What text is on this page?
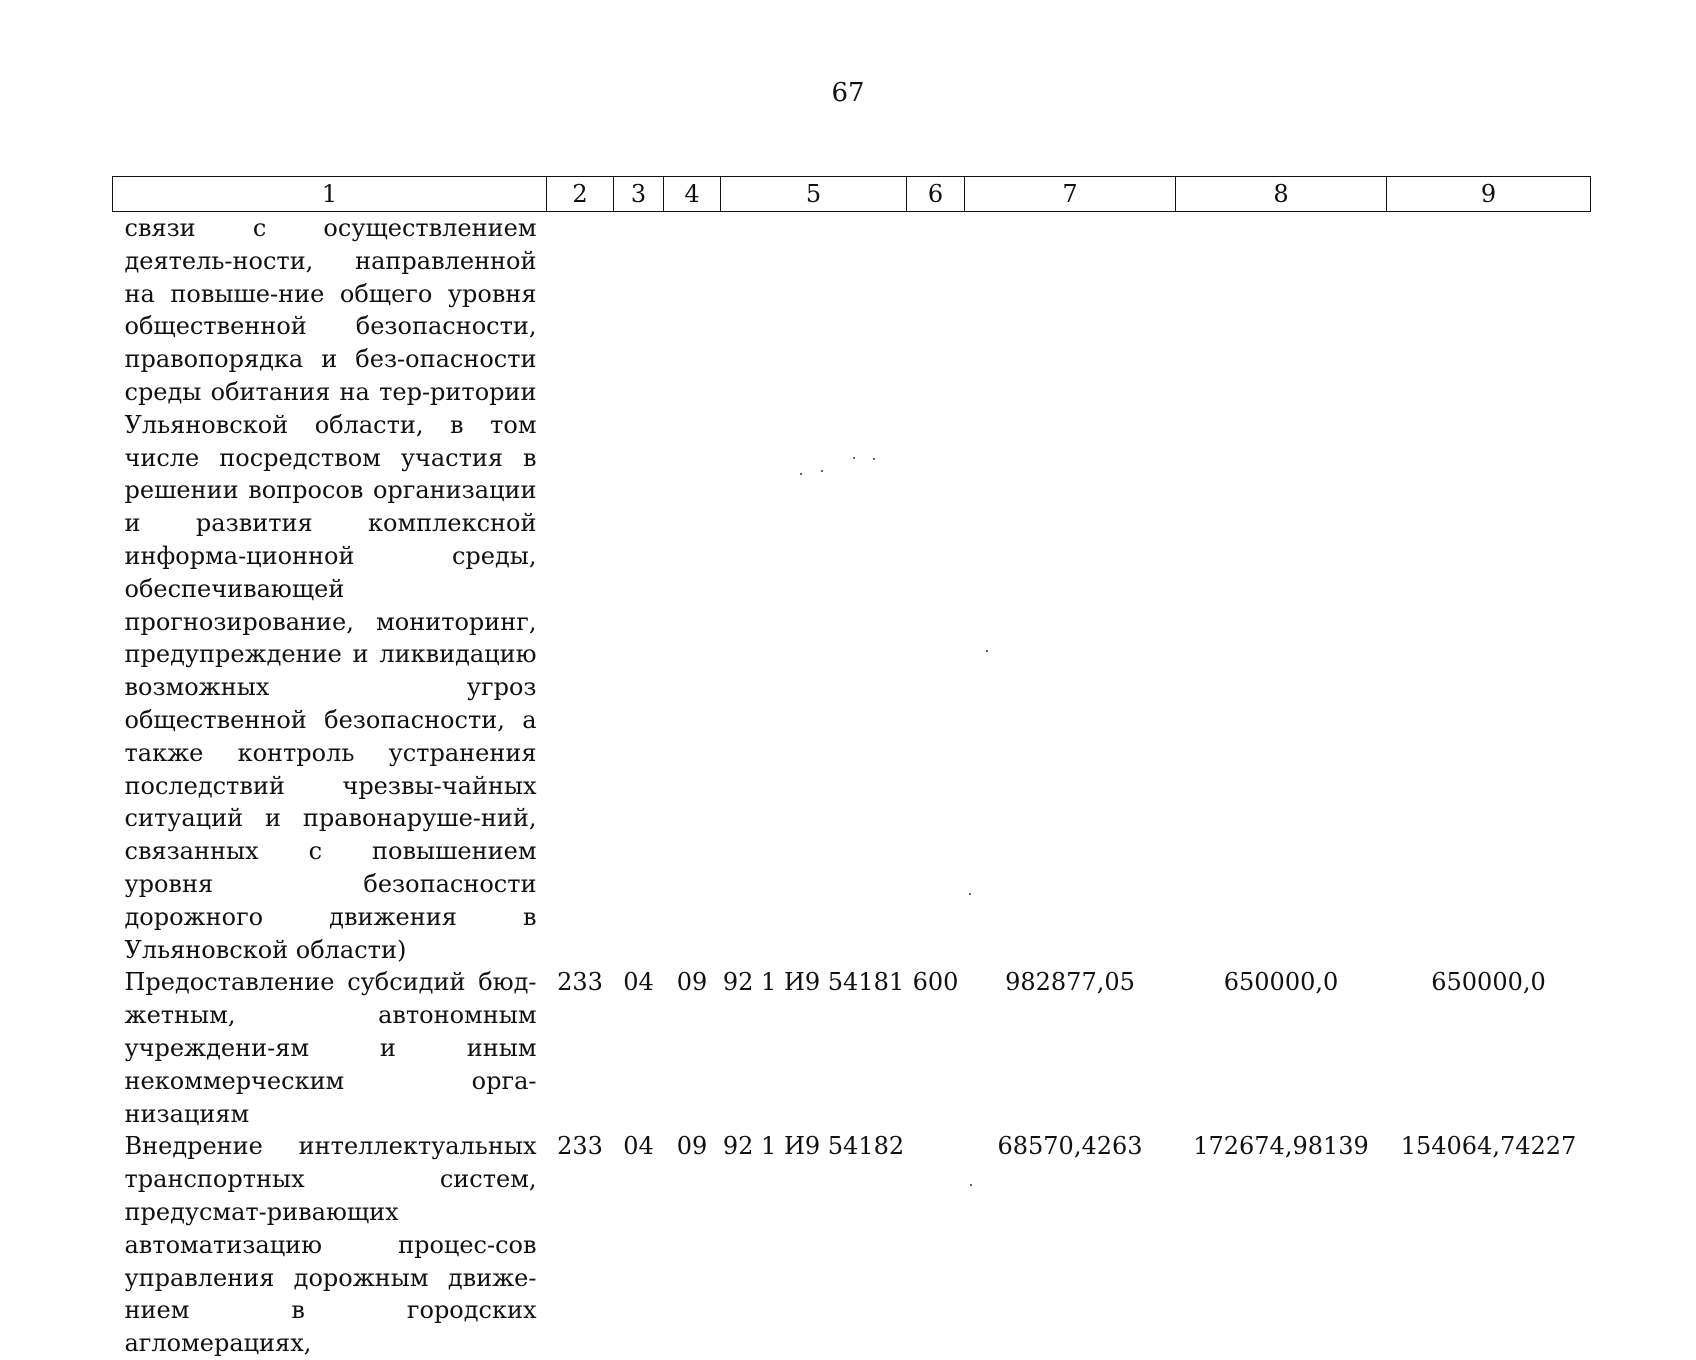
67
1	2	3	4	5	6	7	8	9
связи с осуществлением деятель-ности, направленной на повыше-ние общего уровня общественной безопасности, правопорядка и без-опасности среды обитания на тер-ритории Ульяновской области, в том числе посредством участия в решении вопросов организации и развития комплексной информа-ционной среды, обеспечивающей прогнозирование, мониторинг, предупреждение и ликвидацию возможных угроз общественной безопасности, а также контроль устранения последствий чрезвы-чайных ситуаций и правонаруше-ний, связанных с повышением уровня безопасности дорожного движения в Ульяновской области)								
Предоставление субсидий бюд-жетным, автономным учреждени-ям и иным некоммерческим орга-низациям	233	04	09	92 1 И9 54181	600	982877,05	650000,0	650000,0
Внедрение интеллектуальных транспортных систем, предусмат-ривающих автоматизацию процес-сов управления дорожным движе-нием в городских агломерациях,	233	04	09	92 1 И9 54182		68570,4263	172674,98139	154064,74227
